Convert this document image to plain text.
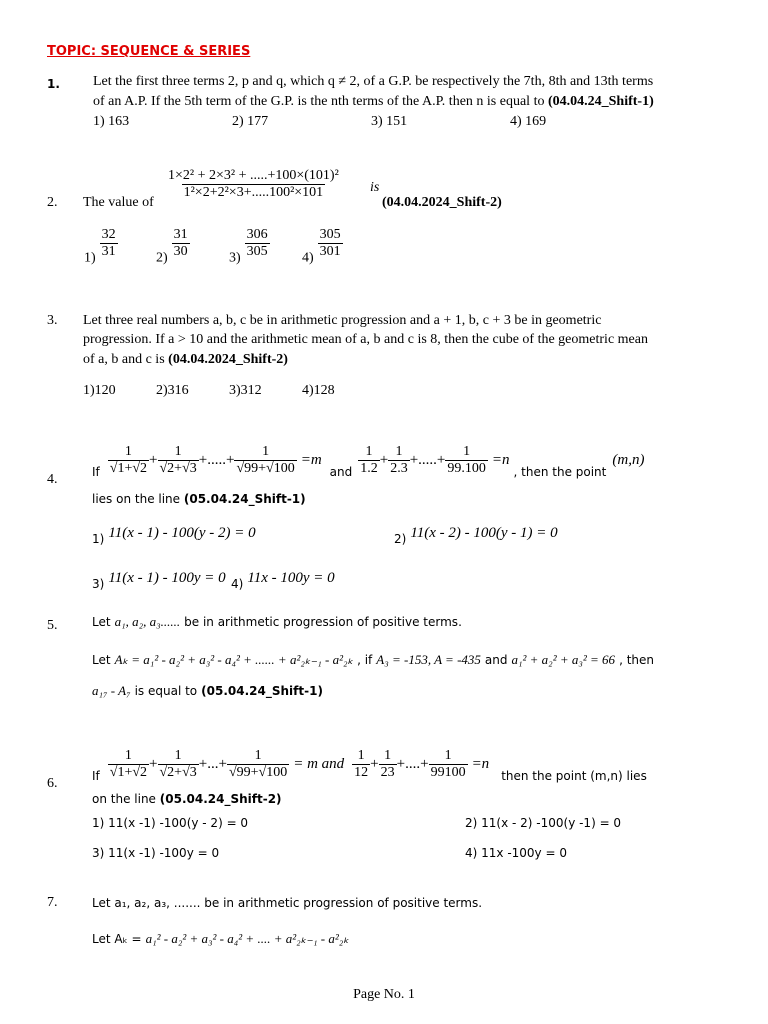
TOPIC: SEQUENCE & SERIES
1. Let the first three terms 2, p and q, which q ≠ 2, of a G.P. be respectively the 7th, 8th and 13th terms
of an A.P. If the 5th term of the G.P. is the nth terms of the A.P. then n is equal to (04.04.24_Shift-1)
1) 163	2) 177	3) 151	4) 169
2. The value of
$\frac{\text{1×2² + 2×3² + .....+100×(101)²}}{\text{1²×2+2²×3+.....100²×101}}$ is
(04.04.2024_Shift-2)
$1) \frac{32}{31}$	$2) \frac{31}{30}$	$3) \frac{306}{305} 4) \frac{305}{301}$
3. Let three real numbers a, b, c be in arithmetic progression and a + 1, b, c + 3 be in geometric
progression. If a > 10 and the arithmetic mean of a, b and c is 8, then the cube of the geometric mean
of a, b and c is (04.04.2024_Shift-2)
1)120	2)316	3)312	4)128
4.	If $\frac{1}{√1+√2} + \frac{1}{√2+√3}$ +.....+ $\frac{1}{√99+√100} =m$
and $\frac{1}{1.2} + \frac{1}{2.3}$ +.....+ $\frac{1}{99.100} =n$
, then the point
(m,n)
lies on the line (05.04.24_Shift-1)
$_{1)}$ 11(x - 1) - 100(y - 2) = 0	$_{2)}$ 11(x - 2) - 100(y - 1) = 0
$_{3)}$ 11(x - 1) - 100y = 0 $_{4)}$ 11x - 100y = 0
5.	Let a₁, a₂, a₃...... be in arithmetic progression of positive terms.
Let Aₖ = a₁² - a₂² + a₃² - a₄² + ...... + a²₂ₖ₋₁ - a²₂ₖ , if A₃ = -153, A = -435 and a₁² + a₂² + a₃² = 66 , then
a₁₇ - A₇ is equal to (05.04.24_Shift-1)
6.	If $\frac{1}{√1+√2} + \frac{1}{√2+√3}$ +...+ $\frac{1}{√99+√100} = m$ and $\frac{1}{12} + \frac{1}{23}$ +....+ $\frac{1}{99100} =n$
then the point (m,n) lies
on the line (05.04.24_Shift-2)
1) 11(x -1) -100(y - 2) = 0	2) 11(x - 2) -100(y -1) = 0
3) 11(x -1) -100y = 0	4) 11x -100y = 0
7.	Let a₁, a₂, a₃, ....... be in arithmetic progression of positive terms.
Let Aₖ = a₁² - a₂² + a₃² - a₄² + .... + a²₂ₖ₋₁ - a²₂ₖ
Page No. 1
